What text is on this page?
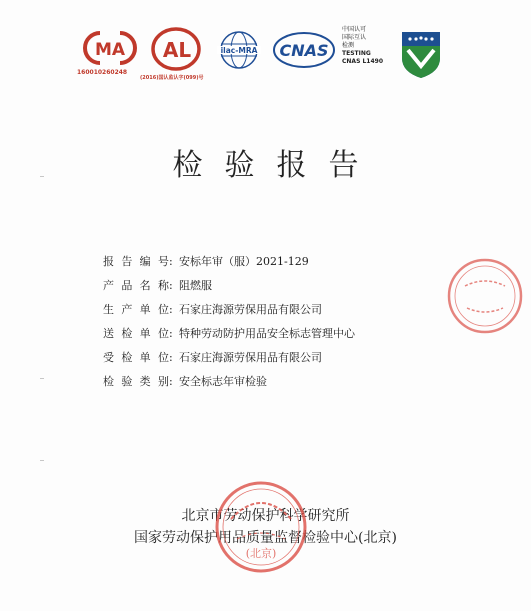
MA
160010260248
AL
(2016)国认监认字(099)号
ilac-MRA CNAS
中国认可
国际互认
检测
TESTING
CNAS L1490
检验报告
报告编号: 安标年审（服）2021-129
产品名称: 阻燃服
生产单位: 石家庄海源劳保用品有限公司
送检单位: 特种劳动防护用品安全标志管理中心
受检单位: 石家庄海源劳保用品有限公司
检验类别: 安全标志年审检验
北京市劳动保护科学研究所
国家劳动保护用品质量监督检验中心(北京)
(北京)
